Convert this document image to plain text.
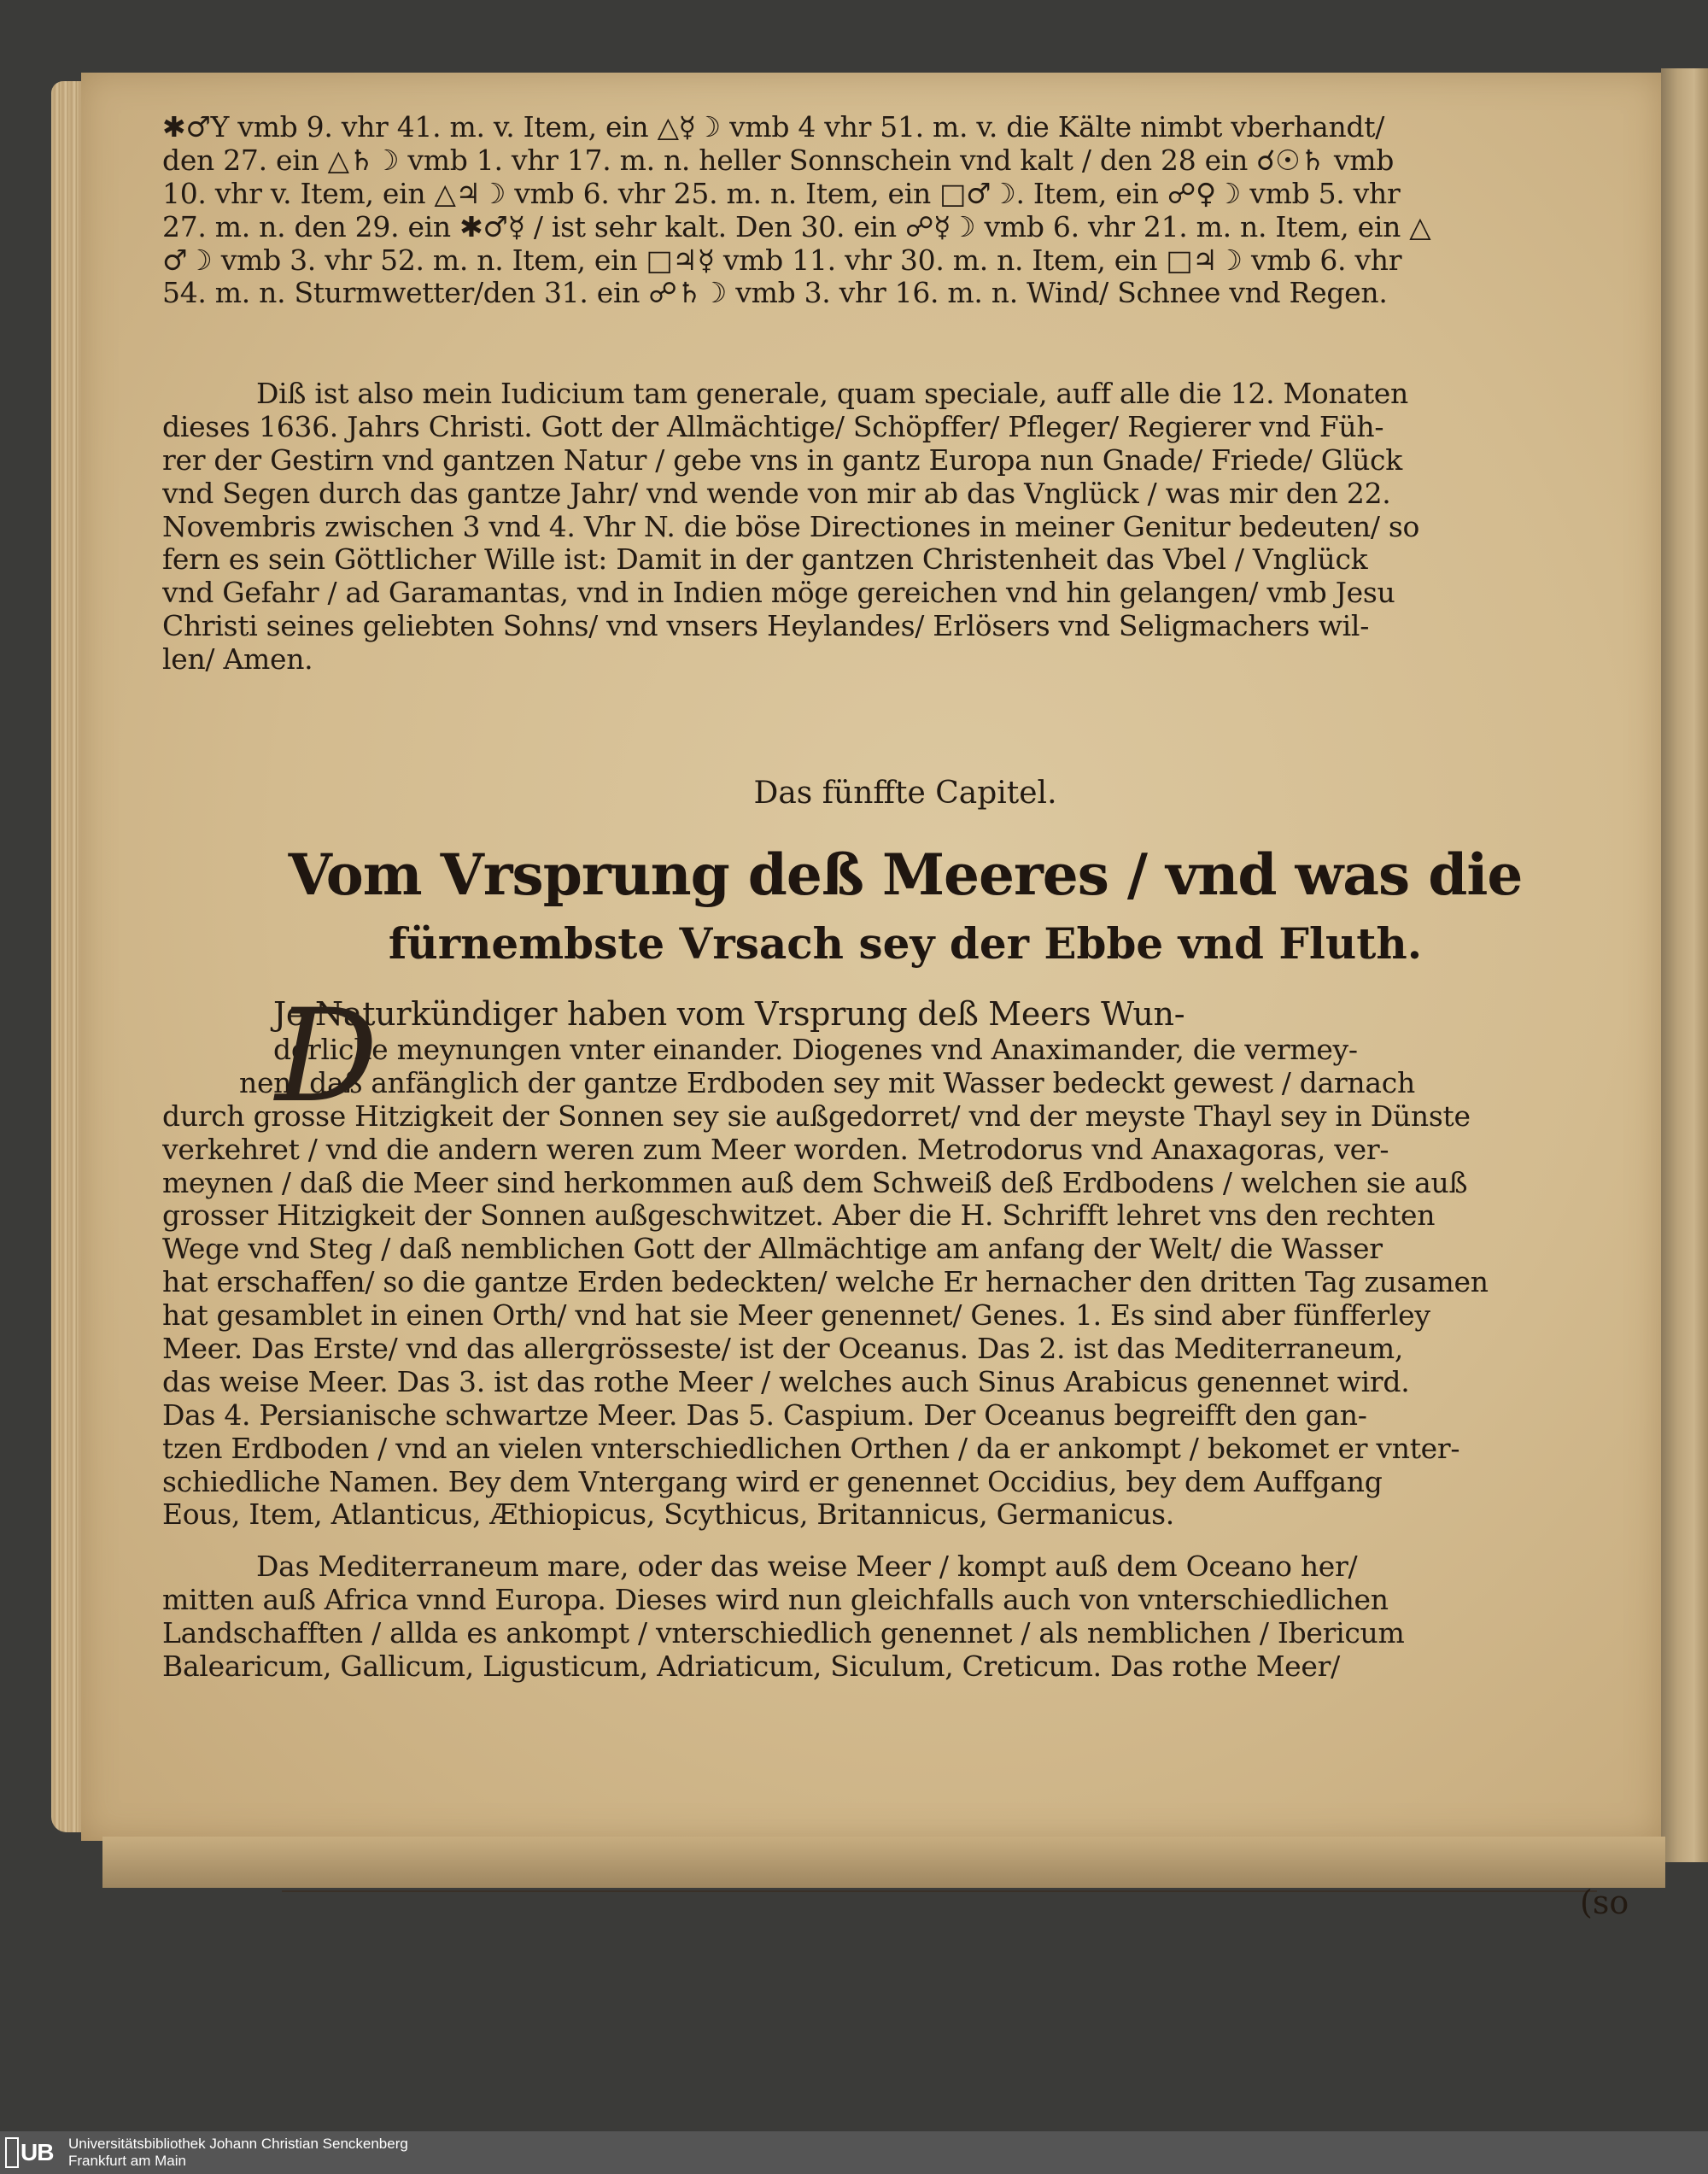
✱♂Y vmb 9. vhr 41. m. v. Item, ein △☿☽ vmb 4 vhr 51. m. v. die Kälte nimbt vberhandt/
den 27. ein △♄☽ vmb 1. vhr 17. m. n. heller Sonnschein vnd kalt / den 28 ein ☌☉♄ vmb
10. vhr v. Item, ein △♃☽ vmb 6. vhr 25. m. n. Item, ein □♂☽. Item, ein ☍♀☽ vmb 5. vhr
27. m. n. den 29. ein ✱♂☿ / ist sehr kalt. Den 30. ein ☍☿☽ vmb 6. vhr 21. m. n. Item, ein △
♂☽ vmb 3. vhr 52. m. n. Item, ein □♃☿ vmb 11. vhr 30. m. n. Item, ein □♃☽ vmb 6. vhr
54. m. n. Sturmwetter/den 31. ein ☍♄☽ vmb 3. vhr 16. m. n. Wind/ Schnee vnd Regen.
Diß ist also mein Iudicium tam generale, quam speciale, auff alle die 12. Monaten
dieses 1636. Jahrs Christi. Gott der Allmächtige/ Schöpffer/ Pfleger/ Regierer vnd Füh-
rer der Gestirn vnd gantzen Natur / gebe vns in gantz Europa nun Gnade/ Friede/ Glück
vnd Segen durch das gantze Jahr/ vnd wende von mir ab das Vnglück / was mir den 22.
Novembris zwischen 3 vnd 4. Vhr N. die böse Directiones in meiner Genitur bedeuten/ so
fern es sein Göttlicher Wille ist: Damit in der gantzen Christenheit das Vbel / Vnglück
vnd Gefahr / ad Garamantas, vnd in Indien möge gereichen vnd hin gelangen/ vmb Jesu
Christi seines geliebten Sohns/ vnd vnsers Heylandes/ Erlösers vnd Seligmachers wil-
len/ Amen.
Das fünffte Capitel.
Vom Vrsprung deß Meeres / vnd was die
fürnembste Vrsach sey der Ebbe vnd Fluth.
Je Naturkündiger haben vom Vrsprung deß Meers Wun-
derliche meynungen vnter einander. Diogenes vnd Anaximander, die vermey-
nen/ daß anfänglich der gantze Erdboden sey mit Wasser bedeckt gewest / darnach
durch grosse Hitzigkeit der Sonnen sey sie außgedorret/ vnd der meyste Thayl sey in Dünste
verkehret / vnd die andern weren zum Meer worden. Metrodorus vnd Anaxagoras, ver-
meynen / daß die Meer sind herkommen auß dem Schweiß deß Erdbodens / welchen sie auß
grosser Hitzigkeit der Sonnen außgeschwitzet. Aber die H. Schrifft lehret vns den rechten
Wege vnd Steg / daß nemblichen Gott der Allmächtige am anfang der Welt/ die Wasser
hat erschaffen/ so die gantze Erden bedeckten/ welche Er hernacher den dritten Tag zusamen
hat gesamblet in einen Orth/ vnd hat sie Meer genennet/ Genes. 1. Es sind aber fünfferley
Meer. Das Erste/ vnd das allergrösseste/ ist der Oceanus. Das 2. ist das Mediterraneum,
das weise Meer. Das 3. ist das rothe Meer / welches auch Sinus Arabicus genennet wird.
Das 4. Persianische schwartze Meer. Das 5. Caspium. Der Oceanus begreifft den gan-
tzen Erdboden / vnd an vielen vnterschiedlichen Orthen / da er ankompt / bekomet er vnter-
schiedliche Namen. Bey dem Vntergang wird er genennet Occidius, bey dem Auffgang
Eous, Item, Atlanticus, Æthiopicus, Scythicus, Britannicus, Germanicus.
Das Mediterraneum mare, oder das weise Meer / kompt auß dem Oceano her/
mitten auß Africa vnnd Europa. Dieses wird nun gleichfalls auch von vnterschiedlichen
Landschafften / allda es ankompt / vnterschiedlich genennet / als nemblichen / Ibericum
Balearicum, Gallicum, Ligusticum, Adriaticum, Siculum, Creticum. Das rothe Meer/
D
(so
UB Universitätsbibliothek Johann Christian Senckenberg
Frankfurt am Main
